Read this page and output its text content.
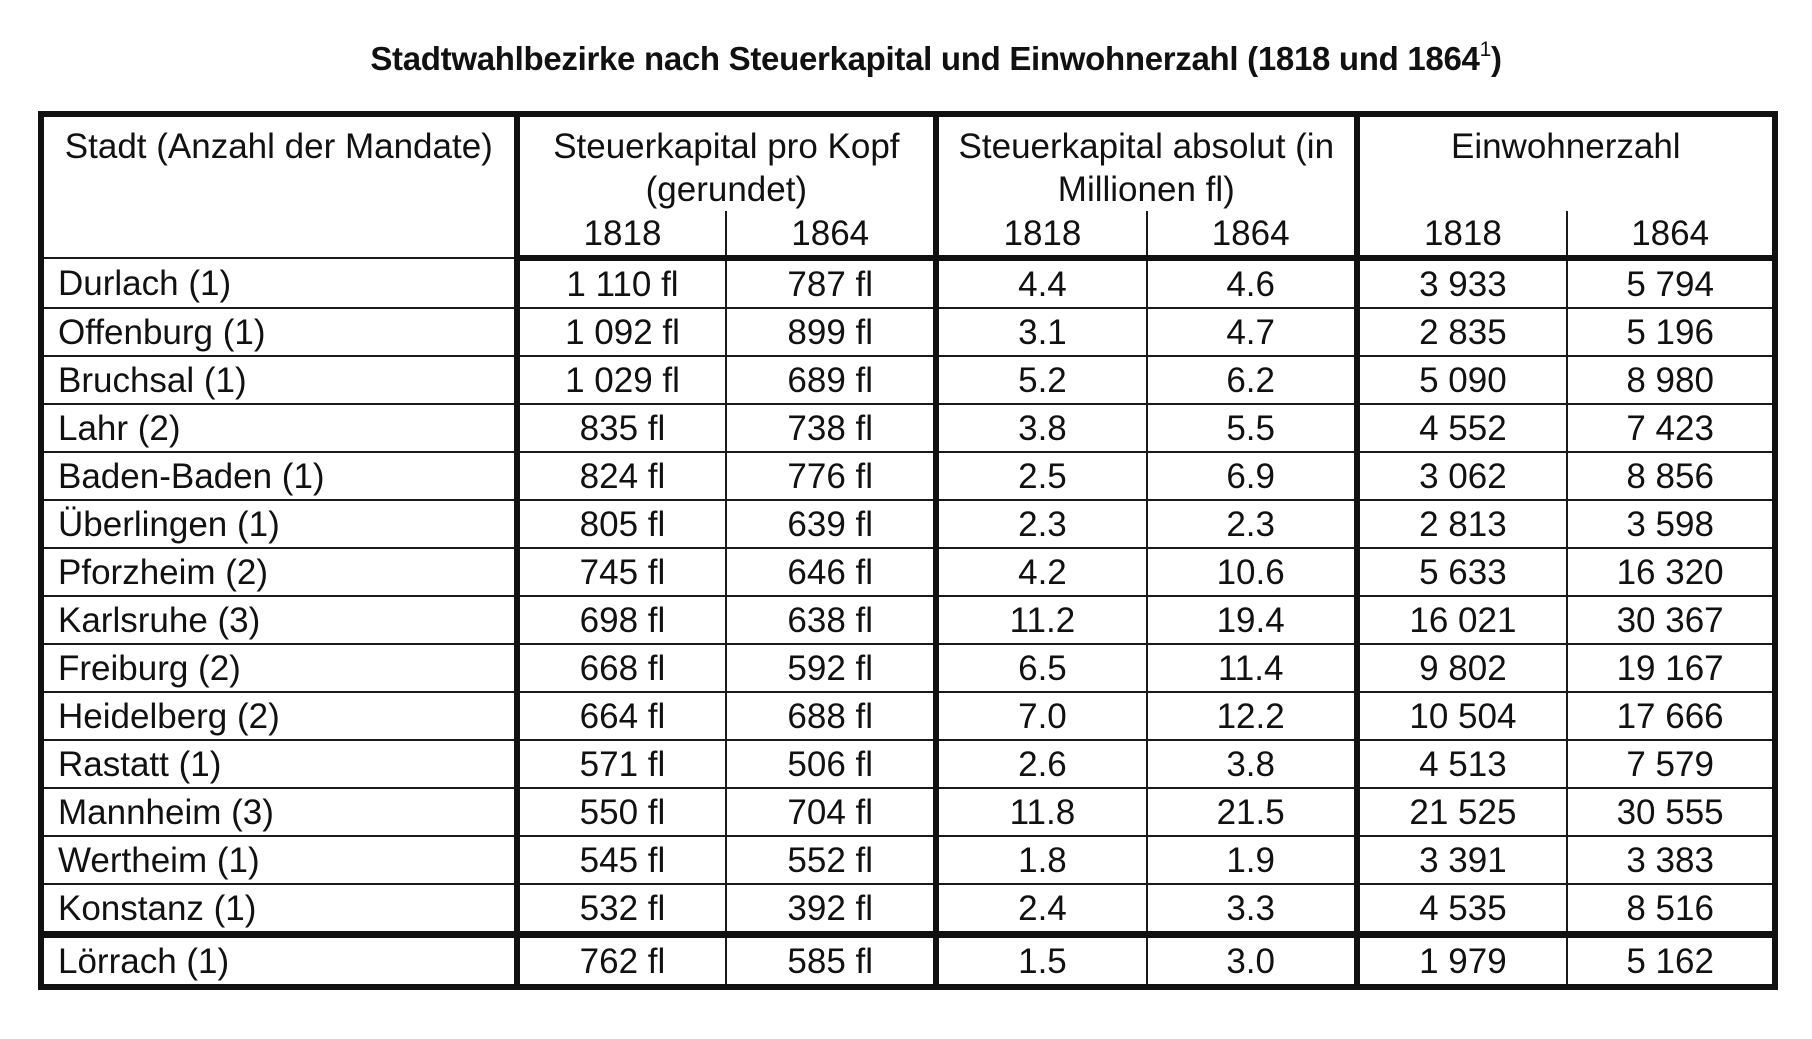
Stadtwahlbezirke nach Steuerkapital und Einwohnerzahl (1818 und 1864$^1$)
Stadt (Anzahl der Mandate)	Steuerkapital pro Kopf (gerundet)		Steuerkapital absolut (in Millionen fl)		Einwohnerzahl	
	1818	1864	1818	1864	1818	1864
Durlach (1)	1 110 fl	787 fl	4.4	4.6	3 933	5 794
Offenburg (1)	1 092 fl	899 fl	3.1	4.7	2 835	5 196
Bruchsal (1)	1 029 fl	689 fl	5.2	6.2	5 090	8 980
Lahr (2)	835 fl	738 fl	3.8	5.5	4 552	7 423
Baden-Baden (1)	824 fl	776 fl	2.5	6.9	3 062	8 856
Überlingen (1)	805 fl	639 fl	2.3	2.3	2 813	3 598
Pforzheim (2)	745 fl	646 fl	4.2	10.6	5 633	16 320
Karlsruhe (3)	698 fl	638 fl	11.2	19.4	16 021	30 367
Freiburg (2)	668 fl	592 fl	6.5	11.4	9 802	19 167
Heidelberg (2)	664 fl	688 fl	7.0	12.2	10 504	17 666
Rastatt (1)	571 fl	506 fl	2.6	3.8	4 513	7 579
Mannheim (3)	550 fl	704 fl	11.8	21.5	21 525	30 555
Wertheim (1)	545 fl	552 fl	1.8	1.9	3 391	3 383
Konstanz (1)	532 fl	392 fl	2.4	3.3	4 535	8 516
Lörrach (1)	762 fl	585 fl	1.5	3.0	1 979	5 162
